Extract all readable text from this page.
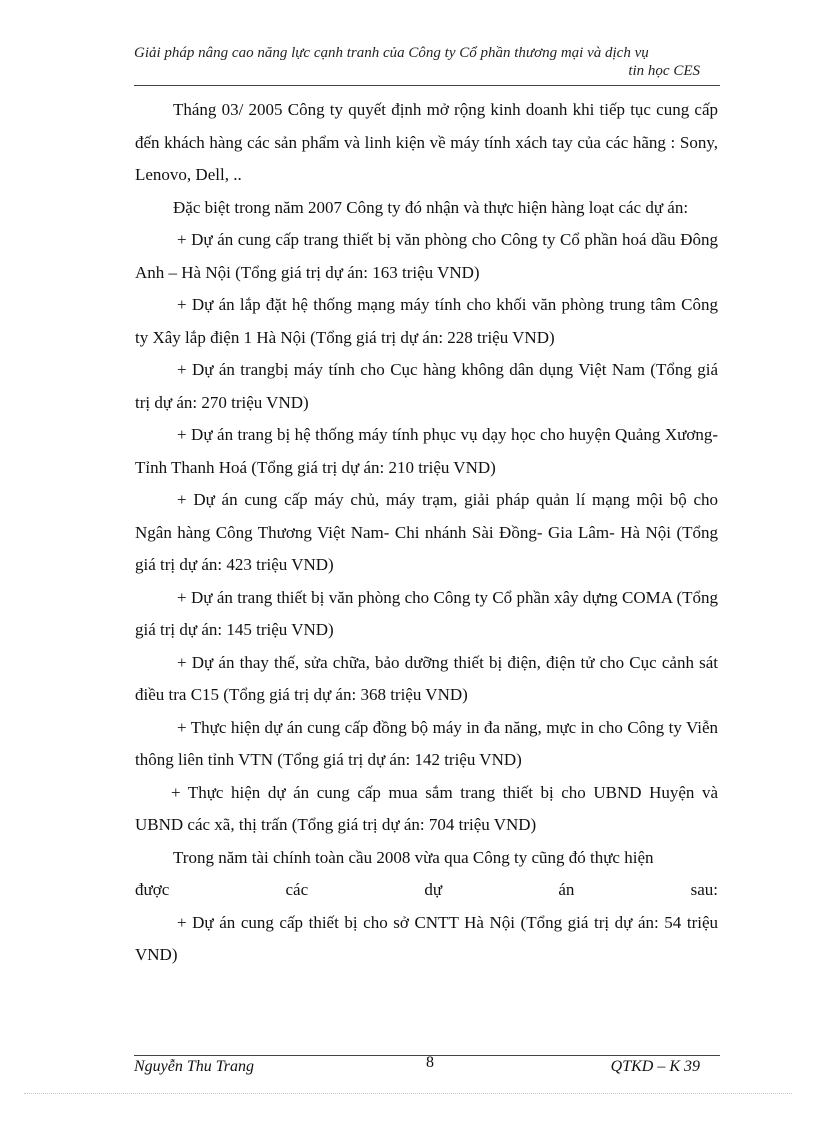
Giải pháp nâng cao năng lực cạnh tranh của Công ty Cổ phần thương mại và dịch vụ
tin học CES

Tháng 03/ 2005 Công ty quyết định mở rộng kinh doanh khi tiếp tục cung cấp đến khách hàng các sản phẩm và linh kiện về máy tính xách tay của các hãng : Sony, Lenovo, Dell, ..

Đặc biệt trong năm 2007 Công ty đó nhận và thực hiện hàng loạt các dự án:

+ Dự án cung cấp trang thiết bị văn phòng cho Công ty Cổ phần hoá dầu Đông Anh – Hà Nội (Tổng giá trị dự án: 163 triệu VND)

+ Dự án lắp đặt hệ thống mạng máy tính cho khối văn phòng trung tâm Công ty Xây lắp điện 1 Hà Nội (Tổng giá trị dự án: 228 triệu VND)

+ Dự án trangbị máy tính cho Cục hàng không dân dụng Việt Nam (Tổng giá trị dự án: 270 triệu VND)

+ Dự án trang bị hệ thống máy tính phục vụ dạy học cho huyện Quảng Xương- Tỉnh Thanh Hoá (Tổng giá trị dự án: 210 triệu VND)

+ Dự án cung cấp máy chủ, máy trạm, giải pháp quản lí mạng mội bộ cho Ngân hàng Công Thương Việt Nam- Chi nhánh Sài Đồng- Gia Lâm- Hà Nội (Tổng giá trị dự án: 423 triệu VND)

+ Dự án trang thiết bị văn phòng cho Công ty Cổ phần xây dựng COMA (Tổng giá trị dự án: 145 triệu VND)

+ Dự án thay thế, sửa chữa, bảo dưỡng thiết bị điện, điện tử cho Cục cảnh sát điều tra C15 (Tổng giá trị dự án: 368 triệu VND)

+ Thực hiện dự án cung cấp đồng bộ máy in đa năng, mực in cho Công ty Viễn thông liên tỉnh VTN (Tổng giá trị dự án: 142 triệu VND)

+ Thực hiện dự án cung cấp mua sắm trang thiết bị cho UBND Huyện và UBND các xã, thị trấn (Tổng giá trị dự án: 704 triệu VND)

Trong năm tài chính toàn cầu 2008 vừa qua Công ty cũng đó thực hiện

được	các	dự	án	sau:

+ Dự án cung cấp thiết bị cho sở CNTT Hà Nội (Tổng giá trị dự án: 54 triệu VND)

Nguyễn Thu Trang	8	QTKD – K 39
